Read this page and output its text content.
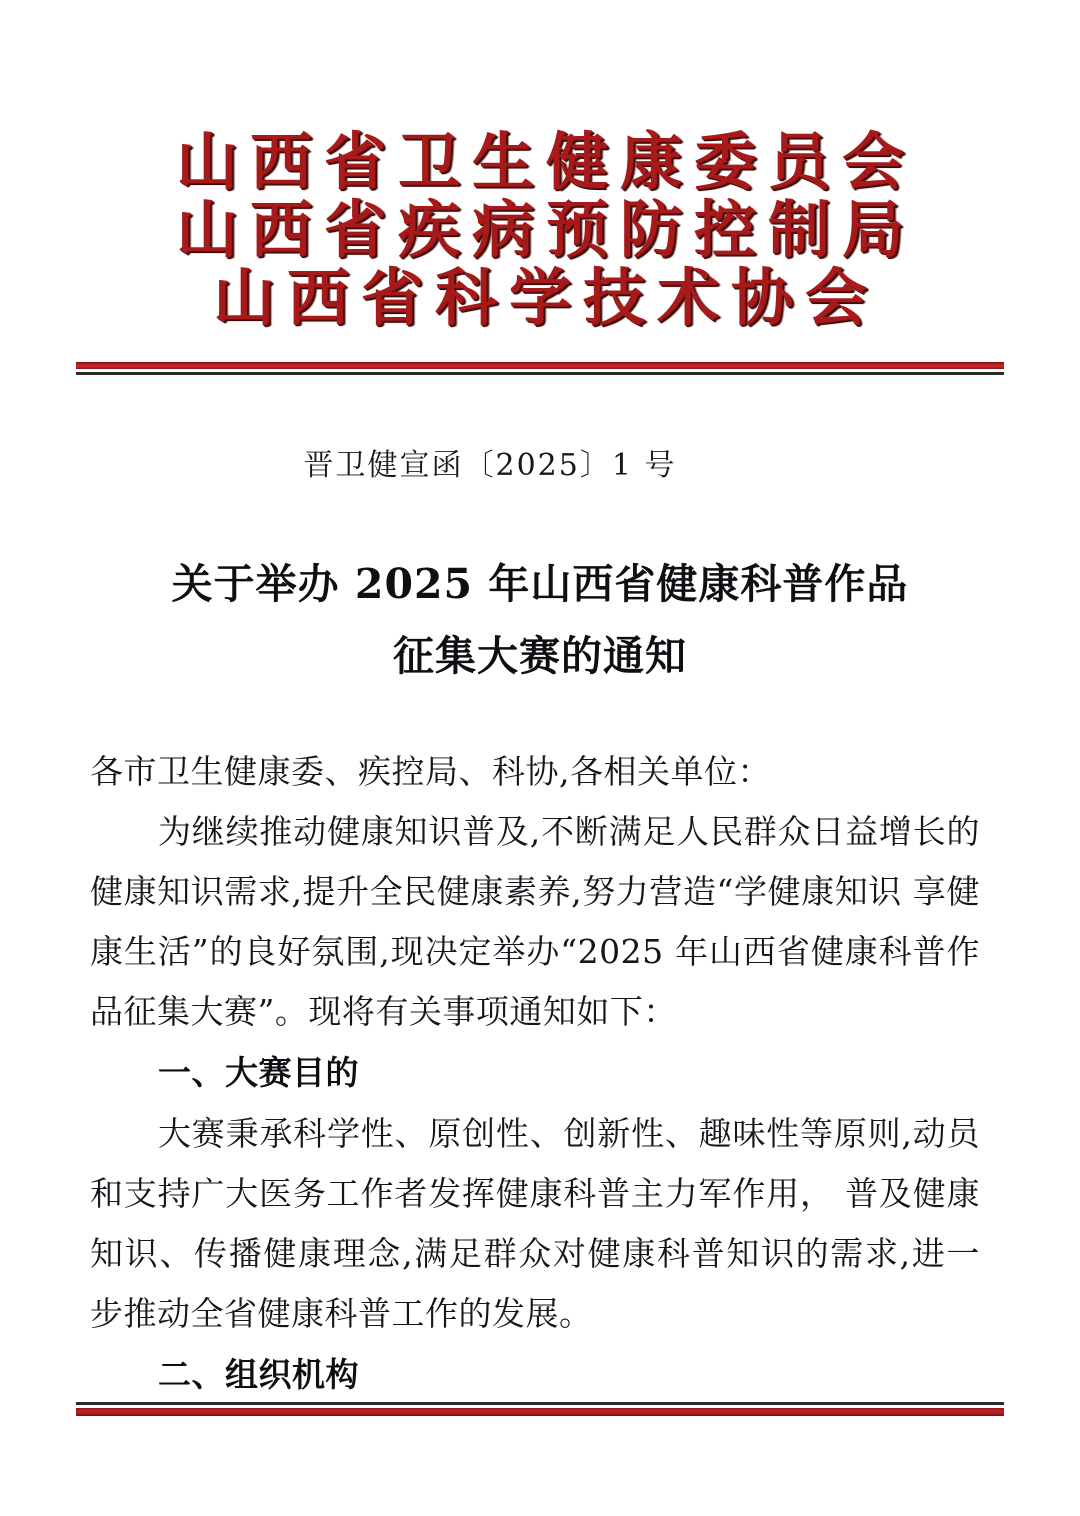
山西省卫生健康委员会
山西省疾病预防控制局
山西省科学技术协会
晋卫健宣函〔2025〕1 号
关于举办 2025 年山西省健康科普作品
征集大赛的通知

各市卫生健康委、疾控局、科协,各相关单位：

为继续推动健康知识普及,不断满足人民群众日益增长的健康知识需求,提升全民健康素养,努力营造“学健康知识 享健康生活”的良好氛围,现决定举办“2025 年山西省健康科普作品征集大赛”。现将有关事项通知如下：

一、大赛目的

大赛秉承科学性、原创性、创新性、趣味性等原则,动员和支持广大医务工作者发挥健康科普主力军作用， 普及健康知识、传播健康理念,满足群众对健康科普知识的需求,进一步推动全省健康科普工作的发展。

二、组织机构
